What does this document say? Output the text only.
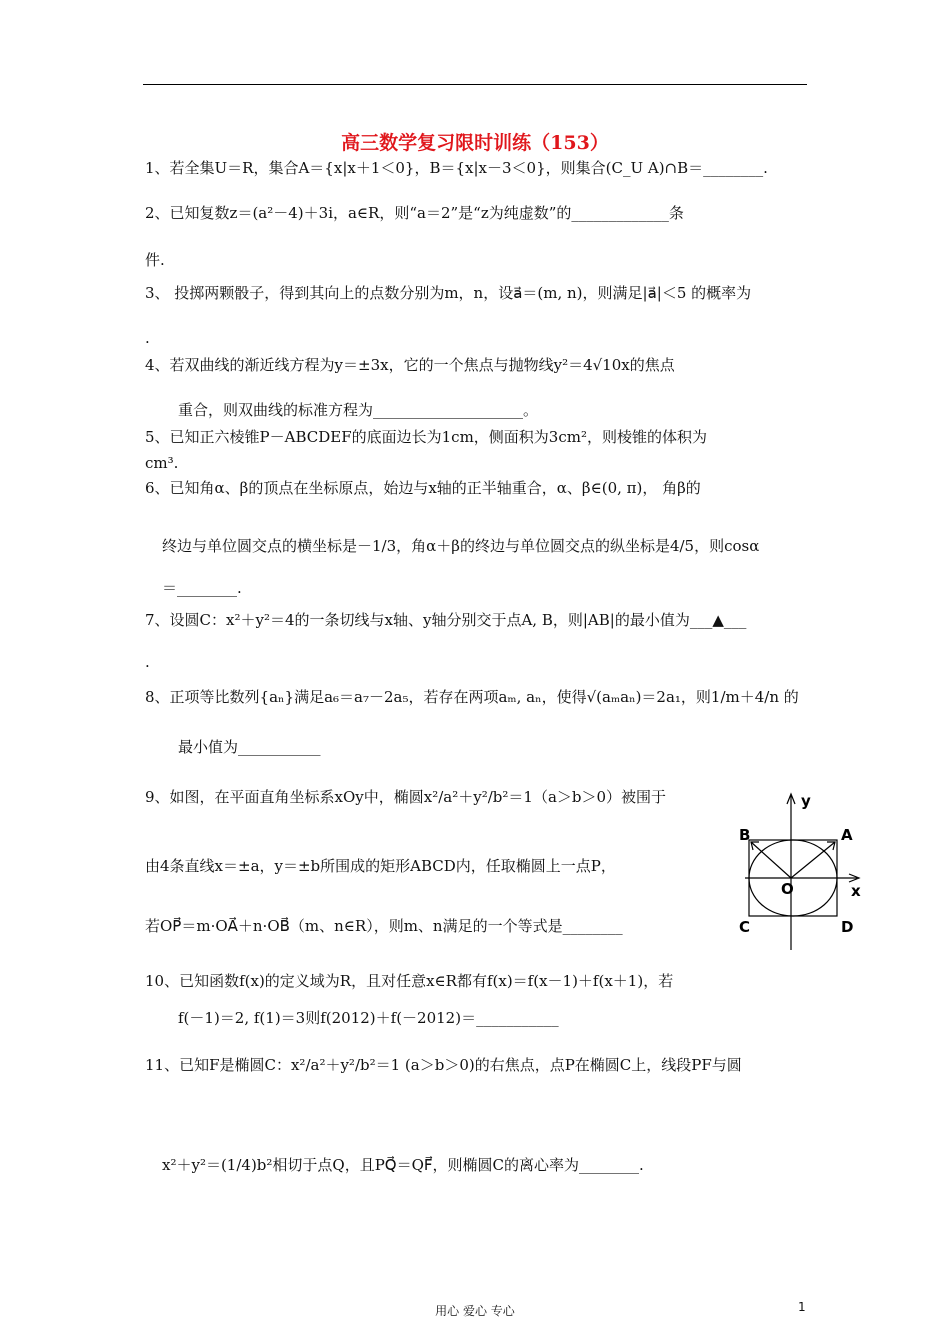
高三数学复习限时训练（153）
1、若全集U＝R，集合A＝{x|x＋1＜0}，B＝{x|x－3＜0}，则集合(C_U A)∩B＝________.
2、已知复数z＝(a²－4)＋3i，a∈R，则“a＝2”是“z为纯虚数”的_____________条
件.
3、 投掷两颗骰子，得到其向上的点数分别为m，n，设a⃗＝(m, n)，则满足|a⃗|＜5 的概率为
.
4、若双曲线的渐近线方程为y＝±3x，它的一个焦点与抛物线y²＝4√10x的焦点
重合，则双曲线的标准方程为____________________。
5、已知正六棱锥P－ABCDEF的底面边长为1cm，侧面积为3cm²，则棱锥的体积为
cm³.
6、已知角α、β的顶点在坐标原点，始边与x轴的正半轴重合，α、β∈(0, π)， 角β的
终边与单位圆交点的横坐标是－1/3，角α＋β的终边与单位圆交点的纵坐标是4/5，则cosα
＝________.
7、设圆C：x²＋y²＝4的一条切线与x轴、y轴分别交于点A, B，则|AB|的最小值为___▲___
.
8、正项等比数列{aₙ}满足a₆＝a₇－2a₅，若存在两项aₘ, aₙ，使得√(aₘaₙ)＝2a₁，则1/m＋4/n 的
最小值为___________
9、如图，在平面直角坐标系xOy中，椭圆x²/a²＋y²/b²＝1（a＞b＞0）被围于
由4条直线x＝±a，y＝±b所围成的矩形ABCD内，任取椭圆上一点P，
若OP⃗＝m·OA⃗＋n·OB⃗（m、n∈R），则m、n满足的一个等式是________
10、已知函数f(x)的定义域为R，且对任意x∈R都有f(x)＝f(x－1)＋f(x＋1)，若
f(－1)＝2, f(1)＝3则f(2012)＋f(－2012)＝___________
11、已知F是椭圆C：x²/a²＋y²/b²＝1 (a＞b＞0)的右焦点，点P在椭圆C上，线段PF与圆
x²＋y²＝(1/4)b²相切于点Q，且PQ⃗＝QF⃗，则椭圆C的离心率为________.
y
x
O
A
B
C	D
用心 爱心 专心	1
